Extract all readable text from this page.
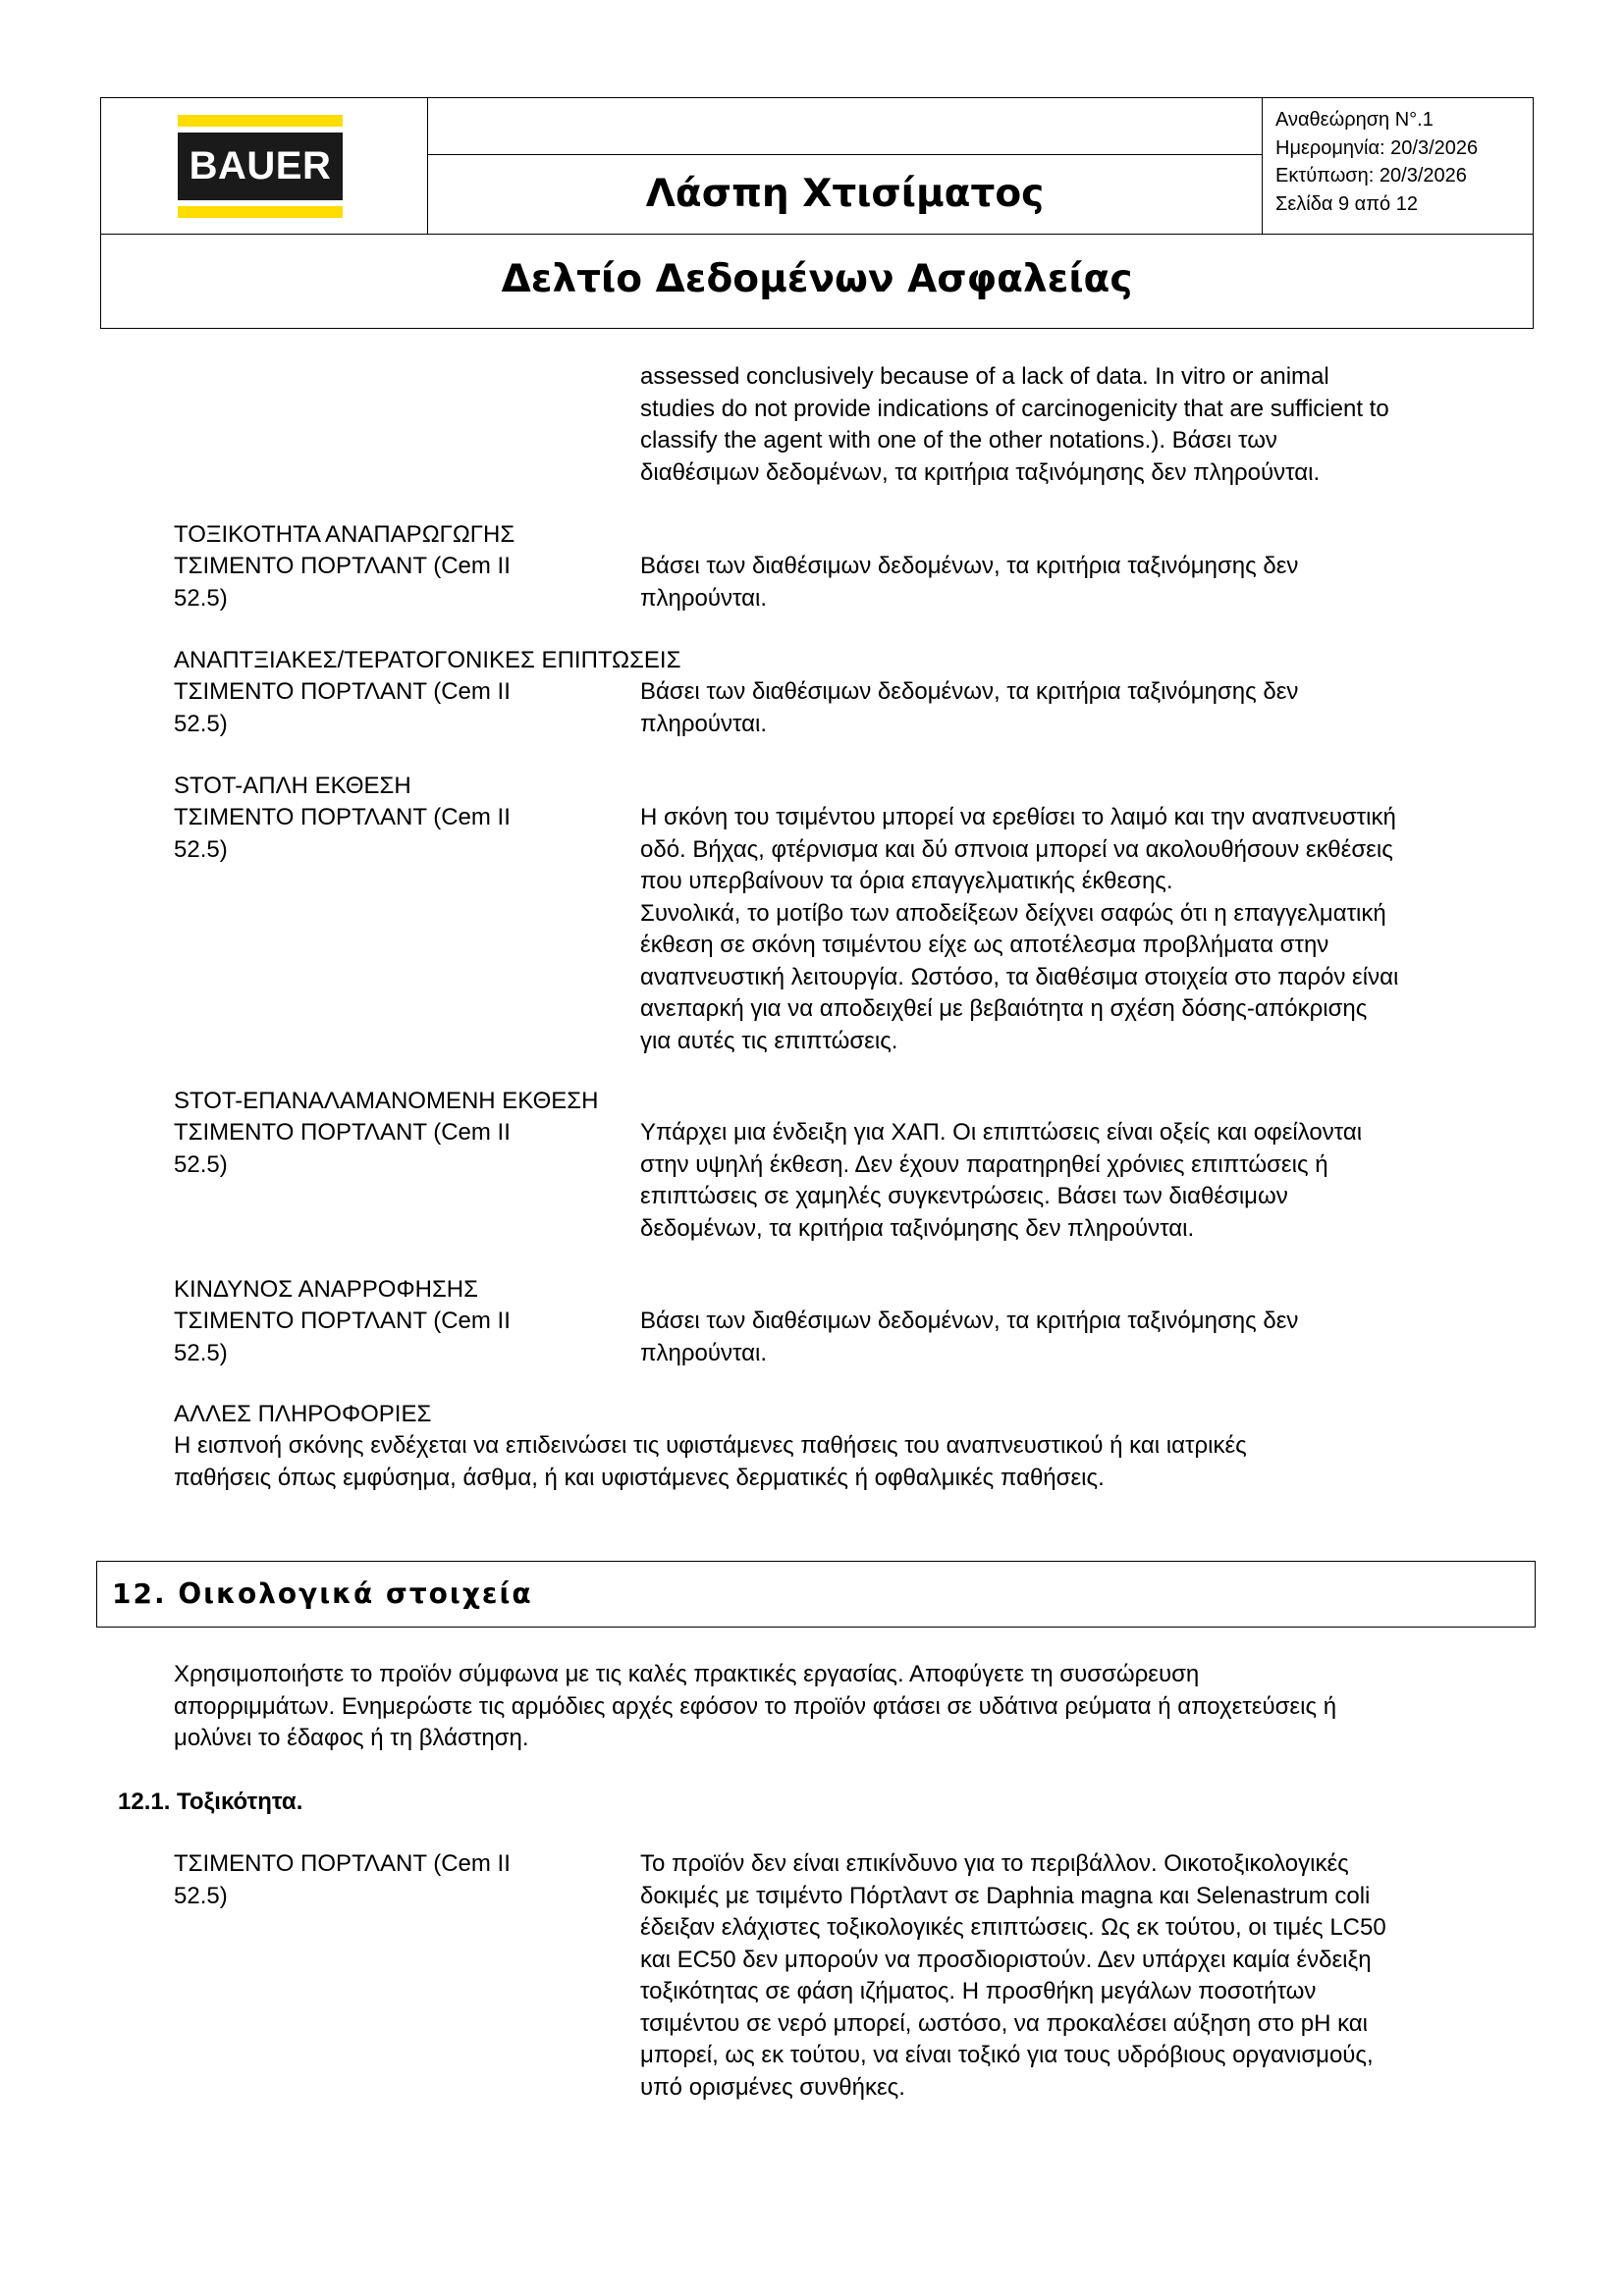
BAUER
Λάσπη Χτισίματος
Αναθεώρηση Ν°.1
Ημερομηνία: 20/3/2026
Εκτύπωση: 20/3/2026
Σελίδα 9 από 12
Δελτίο Δεδομένων Ασφαλείας
assessed conclusively because of a lack of data. In vitro or animal
studies do not provide indications of carcinogenicity that are sufficient to
classify the agent with one of the other notations.). Βάσει των
διαθέσιμων δεδομένων, τα κριτήρια ταξινόμησης δεν πληρούνται.
ΤΟΞΙΚΟΤΗΤΑ ΑΝΑΠΑΡΩΓΩΓΗΣ
ΤΣΙΜΕΝΤΟ ΠΟΡΤΛΑΝΤ (Cem II
52.5)
Βάσει των διαθέσιμων δεδομένων, τα κριτήρια ταξινόμησης δεν
πληρούνται.
ΑΝΑΠΤΞΙΑΚΕΣ/ΤΕΡΑΤΟΓΟΝΙΚΕΣ ΕΠΙΠΤΩΣΕΙΣ
ΤΣΙΜΕΝΤΟ ΠΟΡΤΛΑΝΤ (Cem II
52.5)
Βάσει των διαθέσιμων δεδομένων, τα κριτήρια ταξινόμησης δεν
πληρούνται.
STOT-ΑΠΛΗ ΕΚΘΕΣΗ
ΤΣΙΜΕΝΤΟ ΠΟΡΤΛΑΝΤ (Cem II
52.5)
Η σκόνη του τσιμέντου μπορεί να ερεθίσει το λαιμό και την αναπνευστική
οδό. Βήχας, φτέρνισμα και δύ σπνοια μπορεί να ακολουθήσουν εκθέσεις
που υπερβαίνουν τα όρια επαγγελματικής έκθεσης.
Συνολικά, το μοτίβο των αποδείξεων δείχνει σαφώς ότι η επαγγελματική
έκθεση σε σκόνη τσιμέντου είχε ως αποτέλεσμα προβλήματα στην
αναπνευστική λειτουργία. Ωστόσο, τα διαθέσιμα στοιχεία στο παρόν είναι
ανεπαρκή για να αποδειχθεί με βεβαιότητα η σχέση δόσης-απόκρισης
για αυτές τις επιπτώσεις.
STOT-ΕΠΑΝΑΛΑΜΑΝΟΜΕΝΗ ΕΚΘΕΣΗ
ΤΣΙΜΕΝΤΟ ΠΟΡΤΛΑΝΤ (Cem II
52.5)
Υπάρχει μια ένδειξη για ΧΑΠ. Οι επιπτώσεις είναι οξείς και οφείλονται
στην υψηλή έκθεση. Δεν έχουν παρατηρηθεί χρόνιες επιπτώσεις ή
επιπτώσεις σε χαμηλές συγκεντρώσεις. Βάσει των διαθέσιμων
δεδομένων, τα κριτήρια ταξινόμησης δεν πληρούνται.
ΚΙΝΔΥΝΟΣ ΑΝΑΡΡΟΦΗΣΗΣ
ΤΣΙΜΕΝΤΟ ΠΟΡΤΛΑΝΤ (Cem II
52.5)
Βάσει των διαθέσιμων δεδομένων, τα κριτήρια ταξινόμησης δεν
πληρούνται.
ΑΛΛΕΣ ΠΛΗΡΟΦΟΡΙΕΣ
Η εισπνοή σκόνης ενδέχεται να επιδεινώσει τις υφιστάμενες παθήσεις του αναπνευστικού ή και ιατρικές
παθήσεις όπως εμφύσημα, άσθμα, ή και υφιστάμενες δερματικές ή οφθαλμικές παθήσεις.
12. Οικολογικά στοιχεία
Χρησιμοποιήστε το προϊόν σύμφωνα με τις καλές πρακτικές εργασίας. Αποφύγετε τη συσσώρευση
απορριμμάτων. Ενημερώστε τις αρμόδιες αρχές εφόσον το προϊόν φτάσει σε υδάτινα ρεύματα ή αποχετεύσεις ή
μολύνει το έδαφος ή τη βλάστηση.
12.1. Τοξικότητα.
ΤΣΙΜΕΝΤΟ ΠΟΡΤΛΑΝΤ (Cem II
52.5)
Το προϊόν δεν είναι επικίνδυνο για το περιβάλλον. Οικοτοξικολογικές
δοκιμές με τσιμέντο Πόρτλαντ σε Daphnia magna και Selenastrum coli
έδειξαν ελάχιστες τοξικολογικές επιπτώσεις. Ως εκ τούτου, οι τιμές LC50
και EC50 δεν μπορούν να προσδιοριστούν. Δεν υπάρχει καμία ένδειξη
τοξικότητας σε φάση ιζήματος. Η προσθήκη μεγάλων ποσοτήτων
τσιμέντου σε νερό μπορεί, ωστόσο, να προκαλέσει αύξηση στο pH και
μπορεί, ως εκ τούτου, να είναι τοξικό για τους υδρόβιους οργανισμούς,
υπό ορισμένες συνθήκες.
